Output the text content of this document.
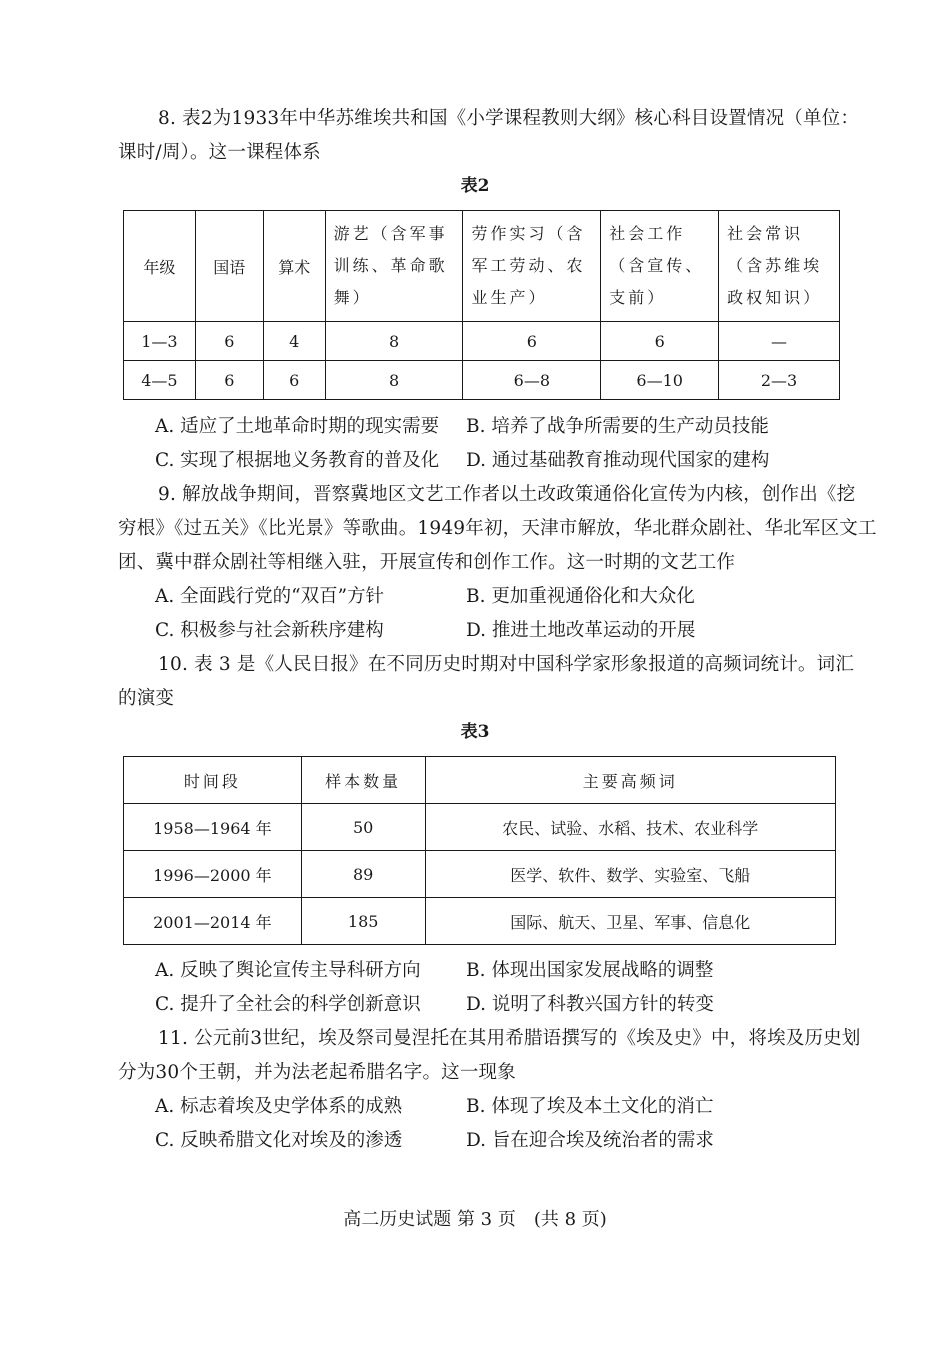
8. 表2为1933年中华苏维埃共和国《小学课程教则大纲》核心科目设置情况（单位：
课时/周）。这一课程体系
表2
年级	国语	算术	游艺（含军事训练、革命歌舞）	劳作实习（含军工劳动、农业生产）	社会工作（含宣传、支前）	社会常识（含苏维埃政权知识）
1—3	6	4	8	6	6	—
4—5	6	6	8	6—8	6—10	2—3
A. 适应了土地革命时期的现实需要 B. 培养了战争所需要的生产动员技能
C. 实现了根据地义务教育的普及化 D. 通过基础教育推动现代国家的建构
9. 解放战争期间，晋察冀地区文艺工作者以土改政策通俗化宣传为内核，创作出《挖
穷根》《过五关》《比光景》等歌曲。1949年初，天津市解放，华北群众剧社、华北军区文工
团、冀中群众剧社等相继入驻，开展宣传和创作工作。这一时期的文艺工作
A. 全面践行党的“双百”方针	B. 更加重视通俗化和大众化
C. 积极参与社会新秩序建构	D. 推进土地改革运动的开展
10. 表 3 是《人民日报》在不同历史时期对中国科学家形象报道的高频词统计。词汇
的演变
表3
时间段	样本数量	主要高频词
1958—1964 年	50	农民、试验、水稻、技术、农业科学
1996—2000 年	89	医学、软件、数学、实验室、飞船
2001—2014 年	185	国际、航天、卫星、军事、信息化
A. 反映了舆论宣传主导科研方向 B. 体现出国家发展战略的调整
C. 提升了全社会的科学创新意识 D. 说明了科教兴国方针的转变
11. 公元前3世纪，埃及祭司曼涅托在其用希腊语撰写的《埃及史》中，将埃及历史划
分为30个王朝，并为法老起希腊名字。这一现象
A. 标志着埃及史学体系的成熟	B. 体现了埃及本土文化的消亡
C. 反映希腊文化对埃及的渗透	D. 旨在迎合埃及统治者的需求
高二历史试题 第 3 页　(共 8 页)
